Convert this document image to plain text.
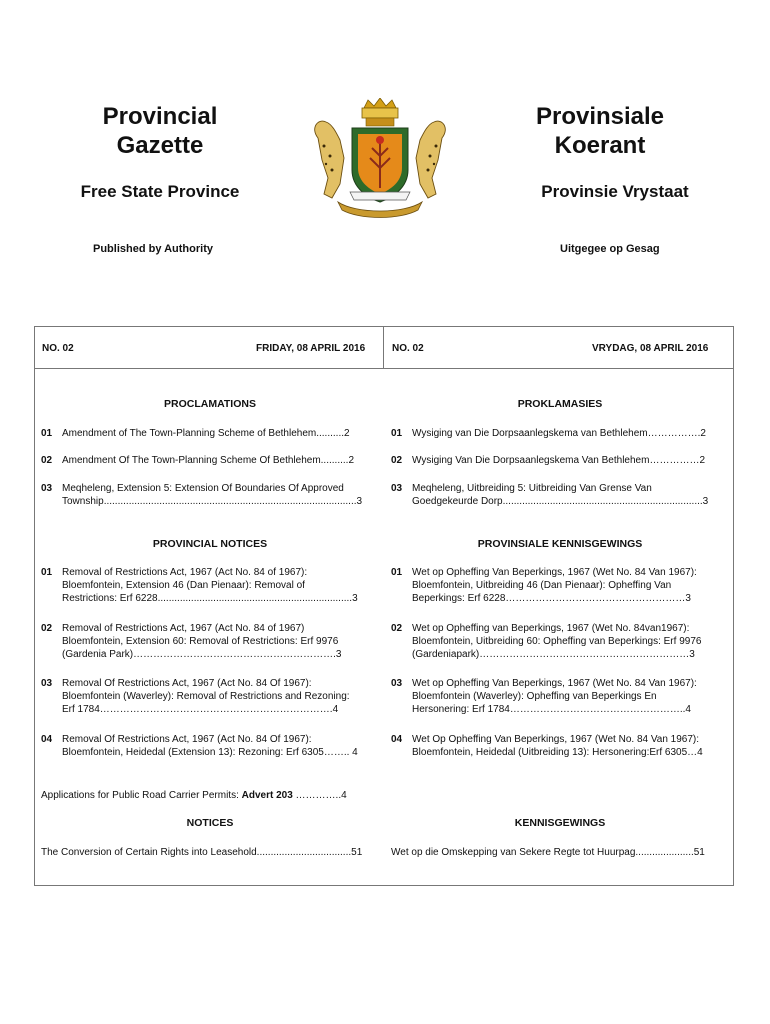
Provincial
Gazette
Provinsiale
Koerant
Free State Province	Provinsie Vrystaat
Published by Authority	Uitgegee op Gesag
NO. 02	FRIDAY, 08 APRIL 2016	NO. 02	VRYDAG, 08 APRIL 2016
PROCLAMATIONS
01 Amendment of The Town-Planning Scheme of Bethlehem..........2
02 Amendment Of The Town-Planning Scheme Of Bethlehem..........2
03 Meqheleng, Extension 5: Extension Of Boundaries Of Approved
Township...........................................................................................3
PROVINCIAL NOTICES
01 Removal of Restrictions Act, 1967 (Act No. 84 of 1967):
Bloemfontein, Extension 46 (Dan Pienaar): Removal of
Restrictions: Erf 6228......................................................................3
02 Removal of Restrictions Act, 1967 (Act No. 84 of 1967)
Bloemfontein, Extension 60: Removal of Restrictions: Erf 9976
(Gardenia Park)…………………………………………………….3
03 Removal Of Restrictions Act, 1967 (Act No. 84 Of 1967):
Bloemfontein (Waverley): Removal of Restrictions and Rezoning:
Erf 1784…………………………………………………………….4
04 Removal Of Restrictions Act, 1967 (Act No. 84 Of 1967):
Bloemfontein, Heidedal (Extension 13): Rezoning: Erf 6305…….. 4
Applications for Public Road Carrier Permits: Advert 203 …………..4
NOTICES
The Conversion of Certain Rights into Leasehold..................................51
PROKLAMASIES
01 Wysiging van Die Dorpsaanlegskema van Bethlehem…………….2
02 Wysiging Van Die Dorpsaanlegskema Van Bethlehem……………2
03 Meqheleng, Uitbreiding 5: Uitbreiding Van Grense Van
Goedgekeurde Dorp........................................................................3
PROVINSIALE KENNISGEWINGS
01 Wet op Opheffing Van Beperkings, 1967 (Wet No. 84 Van 1967):
Bloemfontein, Uitbreiding 46 (Dan Pienaar): Opheffing Van
Beperkings: Erf 6228………………………………………………3
02 Wet op Opheffing van Beperkings, 1967 (Wet No. 84van1967):
Bloemfontein, Uitbreiding 60: Opheffing van Beperkings: Erf 9976
(Gardeniapark)………………………………………………………3
03 Wet op Opheffing Van Beperkings, 1967 (Wet No. 84 Van 1967):
Bloemfontein (Waverley): Opheffing van Beperkings En
Hersonering: Erf 1784……………………………………………..4
04 Wet Op Opheffing Van Beperkings, 1967 (Wet No. 84 Van 1967):
Bloemfontein, Heidedal (Uitbreiding 13): Hersonering:Erf 6305…4
KENNISGEWINGS
Wet op die Omskepping van Sekere Regte tot Huurpag.....................51
